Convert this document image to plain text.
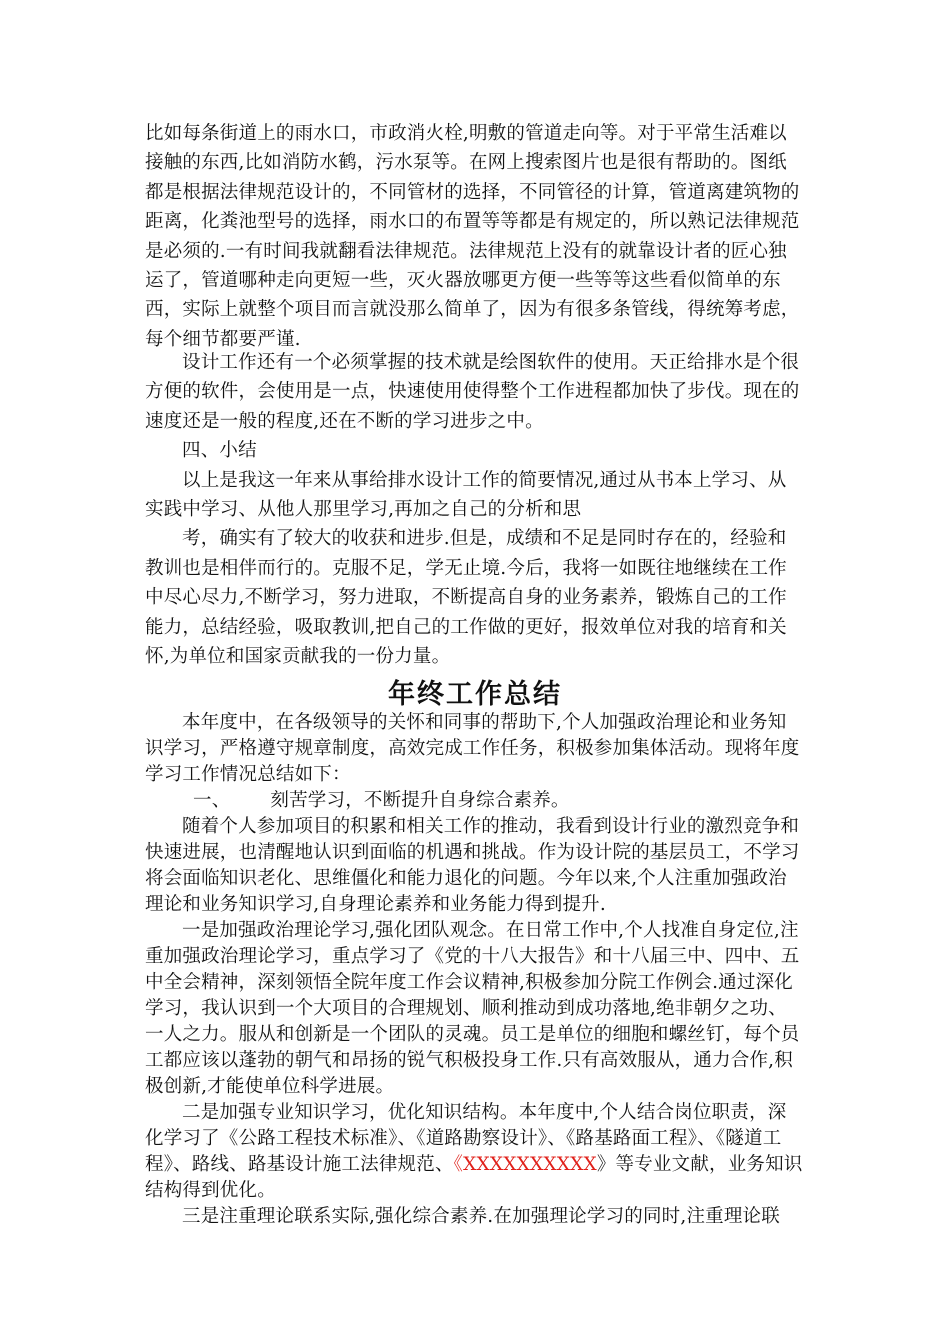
比如每条街道上的雨水口，市政消火栓,明敷的管道走向等。对于平常生活难以接触的东西,比如消防水鹤，污水泵等。在网上搜索图片也是很有帮助的。图纸都是根据法律规范设计的，不同管材的选择，不同管径的计算，管道离建筑物的距离，化粪池型号的选择，雨水口的布置等等都是有规定的，所以熟记法律规范是必须的.一有时间我就翻看法律规范。法律规范上没有的就靠设计者的匠心独运了，管道哪种走向更短一些，灭火器放哪更方便一些等等这些看似简单的东西，实际上就整个项目而言就没那么简单了，因为有很多条管线，得统筹考虑，每个细节都要严谨.

设计工作还有一个必须掌握的技术就是绘图软件的使用。天正给排水是个很方便的软件，会使用是一点，快速使用使得整个工作进程都加快了步伐。现在的速度还是一般的程度,还在不断的学习进步之中。

四、小结

以上是我这一年来从事给排水设计工作的简要情况,通过从书本上学习、从实践中学习、从他人那里学习,再加之自己的分析和思

考，确实有了较大的收获和进步.但是，成绩和不足是同时存在的，经验和教训也是相伴而行的。克服不足，学无止境.今后，我将一如既往地继续在工作中尽心尽力,不断学习，努力进取，不断提高自身的业务素养，锻炼自己的工作能力，总结经验，吸取教训,把自己的工作做的更好，报效单位对我的培育和关怀,为单位和国家贡献我的一份力量。

年终工作总结

本年度中，在各级领导的关怀和同事的帮助下,个人加强政治理论和业务知识学习，严格遵守规章制度，高效完成工作任务，积极参加集体活动。现将年度学习工作情况总结如下：

一、 刻苦学习，不断提升自身综合素养。

随着个人参加项目的积累和相关工作的推动，我看到设计行业的激烈竞争和快速进展，也清醒地认识到面临的机遇和挑战。作为设计院的基层员工，不学习将会面临知识老化、思维僵化和能力退化的问题。今年以来,个人注重加强政治理论和业务知识学习,自身理论素养和业务能力得到提升.

一是加强政治理论学习,强化团队观念。在日常工作中,个人找准自身定位,注重加强政治理论学习，重点学习了《党的十八大报告》和十八届三中、四中、五中全会精神，深刻领悟全院年度工作会议精神,积极参加分院工作例会.通过深化学习，我认识到一个大项目的合理规划、顺利推动到成功落地,绝非朝夕之功、一人之力。服从和创新是一个团队的灵魂。员工是单位的细胞和螺丝钉，每个员工都应该以蓬勃的朝气和昂扬的锐气积极投身工作.只有高效服从，通力合作,积极创新,才能使单位科学进展。

二是加强专业知识学习，优化知识结构。本年度中,个人结合岗位职责，深化学习了《公路工程技术标准》、《道路勘察设计》、《路基路面工程》、《隧道工程》、路线、路基设计施工法律规范、《XXXXXXXXXX》等专业文献，业务知识结构得到优化。

三是注重理论联系实际,强化综合素养.在加强理论学习的同时,注重理论联
